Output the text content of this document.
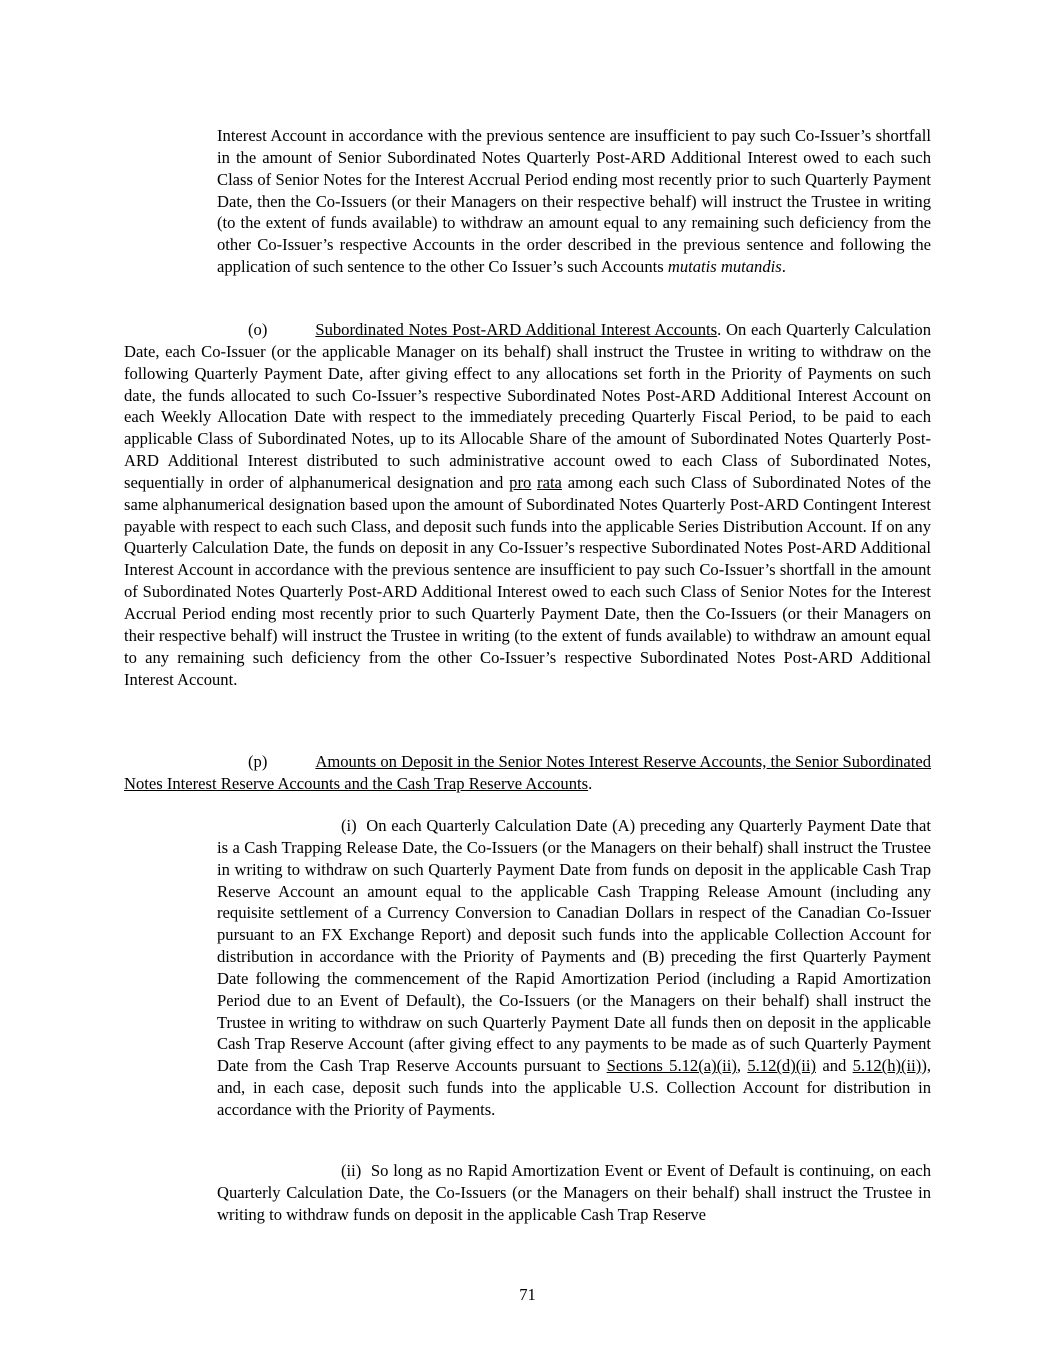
Interest Account in accordance with the previous sentence are insufficient to pay such Co-Issuer’s shortfall in the amount of Senior Subordinated Notes Quarterly Post-ARD Additional Interest owed to each such Class of Senior Notes for the Interest Accrual Period ending most recently prior to such Quarterly Payment Date, then the Co-Issuers (or their Managers on their respective behalf) will instruct the Trustee in writing (to the extent of funds available) to withdraw an amount equal to any remaining such deficiency from the other Co-Issuer’s respective Accounts in the order described in the previous sentence and following the application of such sentence to the other Co Issuer’s such Accounts mutatis mutandis.

(o)	Subordinated Notes Post-ARD Additional Interest Accounts. On each Quarterly Calculation Date, each Co-Issuer (or the applicable Manager on its behalf) shall instruct the Trustee in writing to withdraw on the following Quarterly Payment Date, after giving effect to any allocations set forth in the Priority of Payments on such date, the funds allocated to such Co-Issuer’s respective Subordinated Notes Post-ARD Additional Interest Account on each Weekly Allocation Date with respect to the immediately preceding Quarterly Fiscal Period, to be paid to each applicable Class of Subordinated Notes, up to its Allocable Share of the amount of Subordinated Notes Quarterly Post-ARD Additional Interest distributed to such administrative account owed to each Class of Subordinated Notes, sequentially in order of alphanumerical designation and pro rata among each such Class of Subordinated Notes of the same alphanumerical designation based upon the amount of Subordinated Notes Quarterly Post-ARD Contingent Interest payable with respect to each such Class, and deposit such funds into the applicable Series Distribution Account. If on any Quarterly Calculation Date, the funds on deposit in any Co-Issuer’s respective Subordinated Notes Post-ARD Additional Interest Account in accordance with the previous sentence are insufficient to pay such Co-Issuer’s shortfall in the amount of Subordinated Notes Quarterly Post-ARD Additional Interest owed to each such Class of Senior Notes for the Interest Accrual Period ending most recently prior to such Quarterly Payment Date, then the Co-Issuers (or their Managers on their respective behalf) will instruct the Trustee in writing (to the extent of funds available) to withdraw an amount equal to any remaining such deficiency from the other Co-Issuer’s respective Subordinated Notes Post-ARD Additional Interest Account.

(p)	Amounts on Deposit in the Senior Notes Interest Reserve Accounts, the Senior Subordinated Notes Interest Reserve Accounts and the Cash Trap Reserve Accounts.

(i) On each Quarterly Calculation Date (A) preceding any Quarterly Payment Date that is a Cash Trapping Release Date, the Co-Issuers (or the Managers on their behalf) shall instruct the Trustee in writing to withdraw on such Quarterly Payment Date from funds on deposit in the applicable Cash Trap Reserve Account an amount equal to the applicable Cash Trapping Release Amount (including any requisite settlement of a Currency Conversion to Canadian Dollars in respect of the Canadian Co-Issuer pursuant to an FX Exchange Report) and deposit such funds into the applicable Collection Account for distribution in accordance with the Priority of Payments and (B) preceding the first Quarterly Payment Date following the commencement of the Rapid Amortization Period (including a Rapid Amortization Period due to an Event of Default), the Co-Issuers (or the Managers on their behalf) shall instruct the Trustee in writing to withdraw on such Quarterly Payment Date all funds then on deposit in the applicable Cash Trap Reserve Account (after giving effect to any payments to be made as of such Quarterly Payment Date from the Cash Trap Reserve Accounts pursuant to Sections 5.12(a)(ii), 5.12(d)(ii) and 5.12(h)(ii)), and, in each case, deposit such funds into the applicable U.S. Collection Account for distribution in accordance with the Priority of Payments.

(ii) So long as no Rapid Amortization Event or Event of Default is continuing, on each Quarterly Calculation Date, the Co-Issuers (or the Managers on their behalf) shall instruct the Trustee in writing to withdraw funds on deposit in the applicable Cash Trap Reserve

71
